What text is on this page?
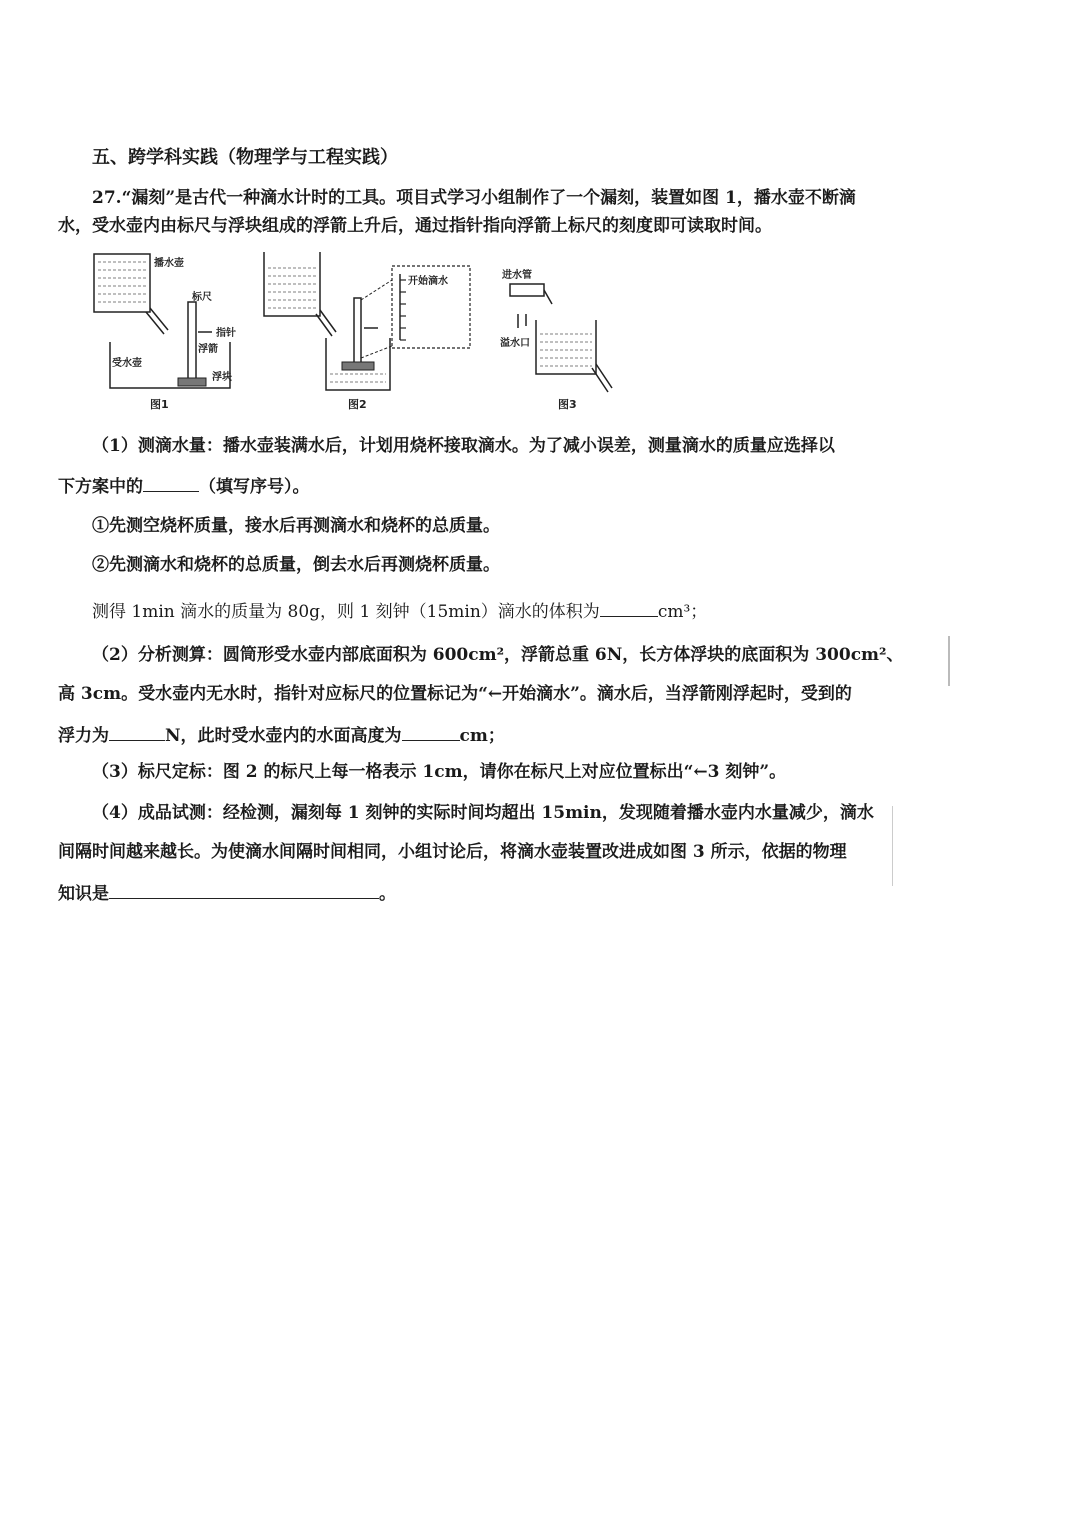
五、跨学科实践（物理学与工程实践）
27.“漏刻”是古代一种滴水计时的工具。项目式学习小组制作了一个漏刻，装置如图 1，播水壶不断滴
水，受水壶内由标尺与浮块组成的浮箭上升后，通过指针指向浮箭上标尺的刻度即可读取时间。
播水壶
标尺
指针
浮箭
受水壶
浮块
图1
开始滴水
图2
进水管
溢水口
图3
（1）测滴水量：播水壶装满水后，计划用烧杯接取滴水。为了减小误差，测量滴水的质量应选择以
下方案中的	（填写序号）。
①先测空烧杯质量，接水后再测滴水和烧杯的总质量。
②先测滴水和烧杯的总质量，倒去水后再测烧杯质量。
测得 1min 滴水的质量为 80g，则 1 刻钟（15min）滴水的体积为	cm³；
（2）分析测算：圆筒形受水壶内部底面积为 600cm²，浮箭总重 6N，长方体浮块的底面积为 300cm²、
高 3cm。受水壶内无水时，指针对应标尺的位置标记为“←开始滴水”。滴水后，当浮箭刚浮起时，受到的
浮力为	N，此时受水壶内的水面高度为	cm；
（3）标尺定标：图 2 的标尺上每一格表示 1cm，请你在标尺上对应位置标出“←3 刻钟”。
（4）成品试测：经检测，漏刻每 1 刻钟的实际时间均超出 15min，发现随着播水壶内水量减少，滴水
间隔时间越来越长。为使滴水间隔时间相同，小组讨论后，将滴水壶装置改进成如图 3 所示，依据的物理
知识是	。
